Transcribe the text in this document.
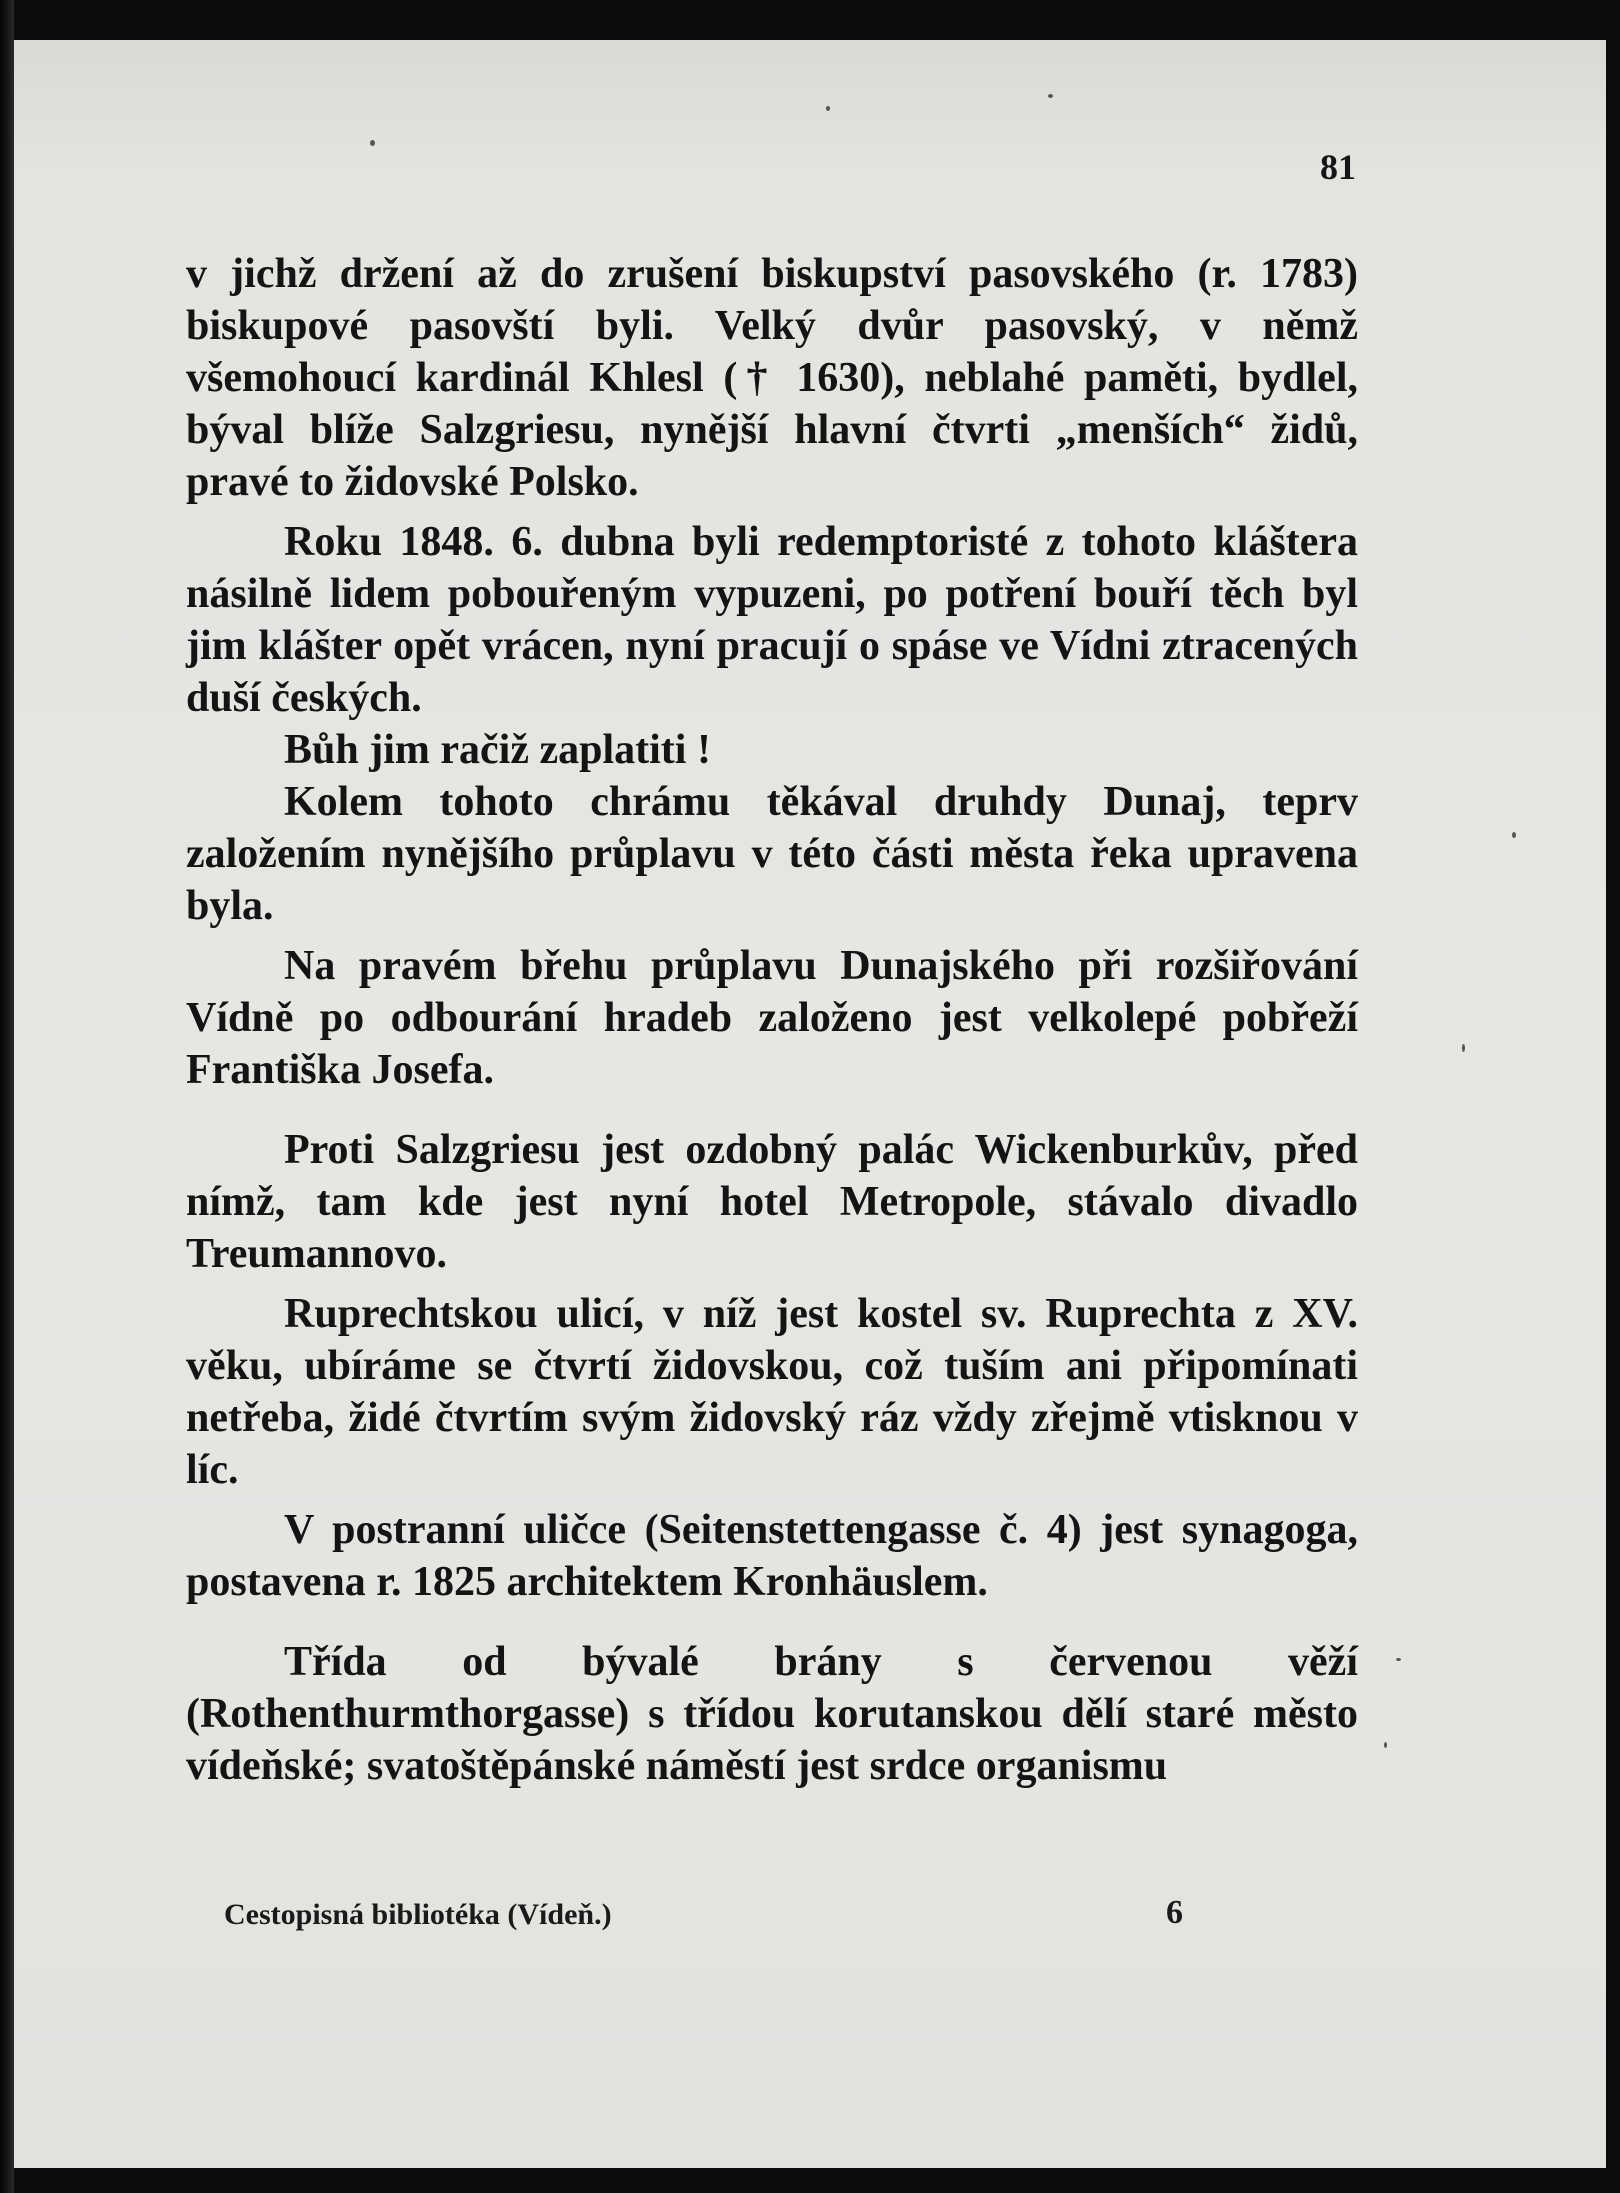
81

v jichž držení až do zrušení biskupství pasovského (r. 1783) biskupové pasovští byli. Velký dvůr pasovský, v němž všemohoucí kardinál Khlesl († 1630), neblahé paměti, bydlel, býval blíže Salzgriesu, nynější hlavní čtvrti „menších“ židů, pravé to židovské Polsko.

Roku 1848. 6. dubna byli redemptoristé z tohoto kláštera násilně lidem pobouřeným vypuzeni, po potření bouří těch byl jim klášter opět vrácen, nyní pracují o spáse ve Vídni ztracených duší českých.

Bůh jim račiž zaplatiti !

Kolem tohoto chrámu těkával druhdy Dunaj, teprv založením nynějšího průplavu v této části města řeka upravena byla.

Na pravém břehu průplavu Dunajského při rozšiřování Vídně po odbourání hradeb založeno jest velkolepé pobřeží Františka Josefa.

Proti Salzgriesu jest ozdobný palác Wickenburkův, před nímž, tam kde jest nyní hotel Metropole, stávalo divadlo Treumannovo.

Ruprechtskou ulicí, v níž jest kostel sv. Ruprechta z XV. věku, ubíráme se čtvrtí židovskou, což tuším ani připomínati netřeba, židé čtvrtím svým židovský ráz vždy zřejmě vtisknou v líc.

V postranní uličce (Seitenstettengasse č. 4) jest synagoga, postavena r. 1825 architektem Kronhäuslem.

Třída od bývalé brány s červenou věží (Rothenthurmthorgasse) s třídou korutanskou dělí staré město vídeňské; svatoštěpánské náměstí jest srdce organismu

Cestopisná bibliotéka (Vídeň.)	6
